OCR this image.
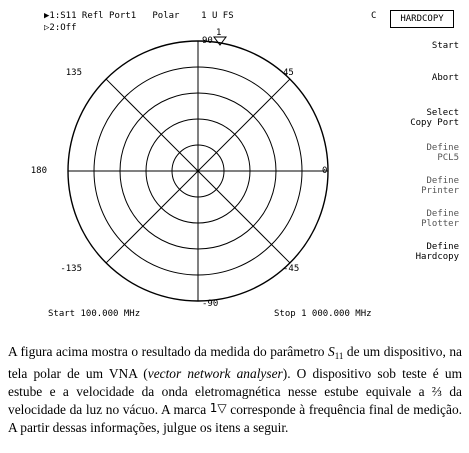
▶1:S11 Refl Port1   Polar    1 U FS
▷2:Off
C	HARDCOPY
90
45
0
-45
-90
-135
180
135
1
Start
Abort
Select
Copy Port
Define
PCL5
Define
Printer
Define
Plotter
Define
Hardcopy
Start 100.000 MHz	Stop 1 000.000 MHz

A figura acima mostra o resultado da medida do parâmetro $S_{11}$ de um dispositivo, na tela polar de um VNA (vector network analyser). O dispositivo sob teste é um estube e a velocidade da onda eletromagnética nesse estube equivale a ⅔ da velocidade da luz no vácuo. A marca 1▽ corresponde à frequência final de medição. A partir dessas informações, julgue os itens a seguir.
